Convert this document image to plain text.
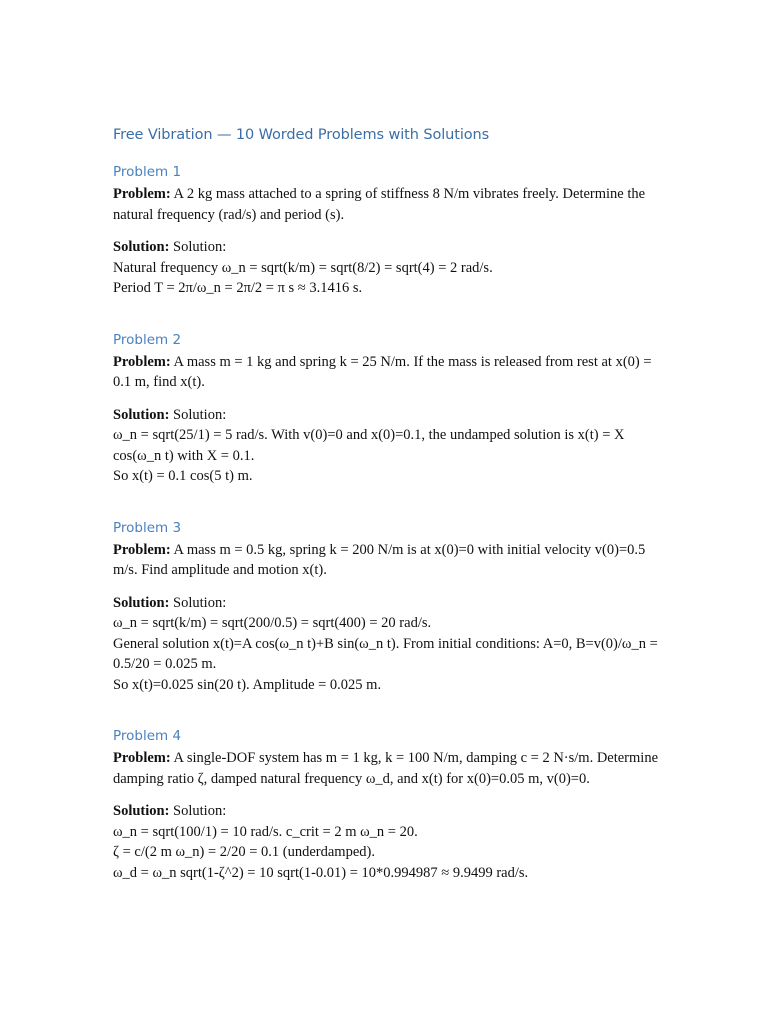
Free Vibration — 10 Worded Problems with Solutions
Problem 1

Problem: A 2 kg mass attached to a spring of stiffness 8 N/m vibrates freely. Determine the natural frequency (rad/s) and period (s).

Solution: Solution:
Natural frequency ω_n = sqrt(k/m) = sqrt(8/2) = sqrt(4) = 2 rad/s.
Period T = 2π/ω_n = 2π/2 = π s ≈ 3.1416 s.

Problem 2

Problem: A mass m = 1 kg and spring k = 25 N/m. If the mass is released from rest at x(0) = 0.1 m, find x(t).

Solution: Solution:
ω_n = sqrt(25/1) = 5 rad/s. With v(0)=0 and x(0)=0.1, the undamped solution is x(t) = X cos(ω_n t) with X = 0.1.
So x(t) = 0.1 cos(5 t) m.

Problem 3

Problem: A mass m = 0.5 kg, spring k = 200 N/m is at x(0)=0 with initial velocity v(0)=0.5 m/s. Find amplitude and motion x(t).

Solution: Solution:
ω_n = sqrt(k/m) = sqrt(200/0.5) = sqrt(400) = 20 rad/s.
General solution x(t)=A cos(ω_n t)+B sin(ω_n t). From initial conditions: A=0, B=v(0)/ω_n = 0.5/20 = 0.025 m.
So x(t)=0.025 sin(20 t). Amplitude = 0.025 m.

Problem 4

Problem: A single-DOF system has m = 1 kg, k = 100 N/m, damping c = 2 N·s/m. Determine damping ratio ζ, damped natural frequency ω_d, and x(t) for x(0)=0.05 m, v(0)=0.

Solution: Solution:
ω_n = sqrt(100/1) = 10 rad/s. c_crit = 2 m ω_n = 20.
ζ = c/(2 m ω_n) = 2/20 = 0.1 (underdamped).
ω_d = ω_n sqrt(1-ζ^2) = 10 sqrt(1-0.01) = 10*0.994987 ≈ 9.9499 rad/s.
